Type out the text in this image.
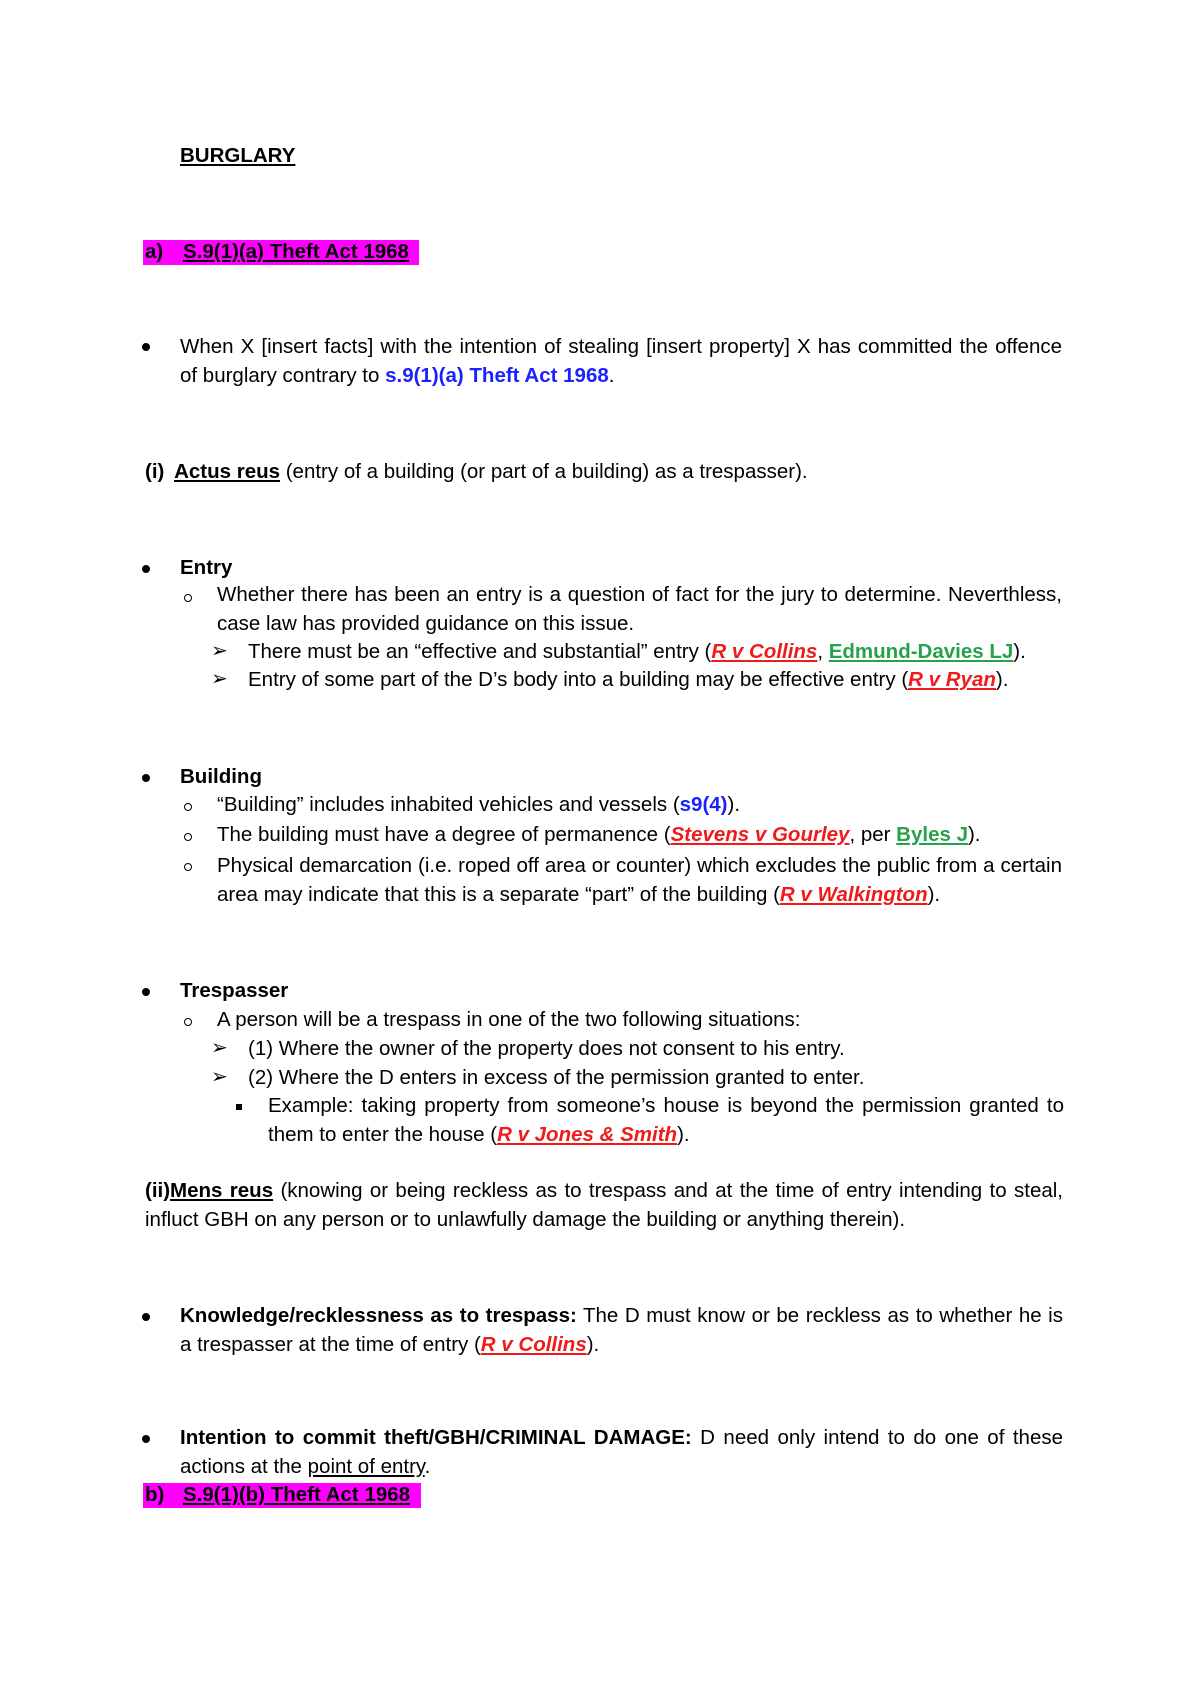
BURGLARY
a) S.9(1)(a) Theft Act 1968
When X [insert facts] with the intention of stealing [insert property] X has committed the offence of burglary contrary to s.9(1)(a) Theft Act 1968.
(i) Actus reus (entry of a building (or part of a building) as a trespasser).
Entry
Whether there has been an entry is a question of fact for the jury to determine. Neverthless, case law has provided guidance on this issue.
➢ There must be an “effective and substantial” entry (R v Collins, Edmund-Davies LJ).
➢ Entry of some part of the D’s body into a building may be effective entry (R v Ryan).
Building
“Building” includes inhabited vehicles and vessels (s9(4)).
The building must have a degree of permanence (Stevens v Gourley, per Byles J).
Physical demarcation (i.e. roped off area or counter) which excludes the public from a certain area may indicate that this is a separate “part” of the building (R v Walkington).
Trespasser
A person will be a trespass in one of the two following situations:
➢ (1) Where the owner of the property does not consent to his entry.
➢ (2) Where the D enters in excess of the permission granted to enter.
Example: taking property from someone’s house is beyond the permission granted to them to enter the house (R v Jones & Smith).
(ii)Mens reus (knowing or being reckless as to trespass and at the time of entry intending to steal, influct GBH on any person or to unlawfully damage the building or anything therein).
Knowledge/recklessness as to trespass: The D must know or be reckless as to whether he is a trespasser at the time of entry (R v Collins).
Intention to commit theft/GBH/CRIMINAL DAMAGE: D need only intend to do one of these actions at the point of entry.
b) S.9(1)(b) Theft Act 1968
